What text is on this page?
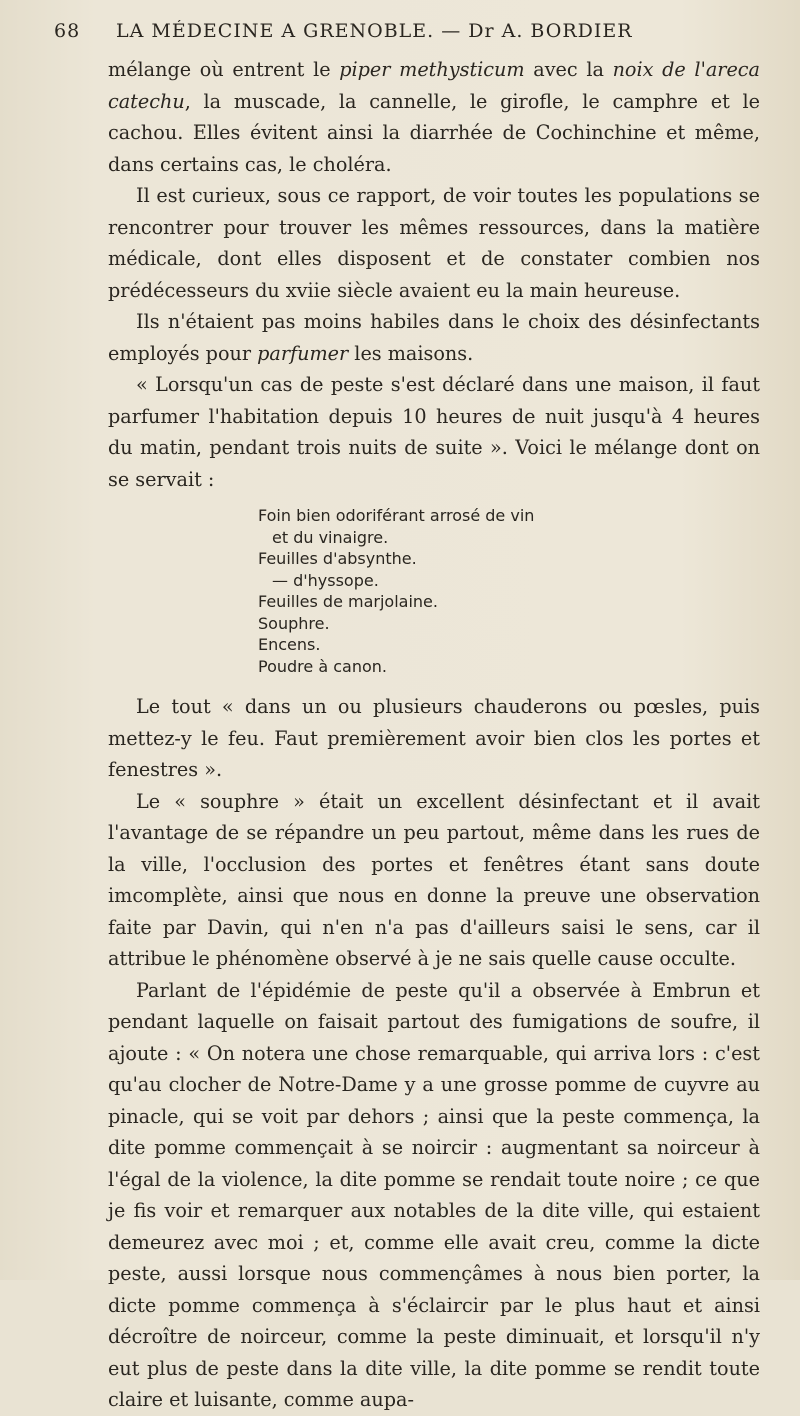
68 LA MÉDECINE A GRENOBLE. — Dr A. BORDIER

mélange où entrent le piper methysticum avec la noix de l'areca catechu, la muscade, la cannelle, le girofle, le camphre et le cachou. Elles évitent ainsi la diarrhée de Cochinchine et même, dans certains cas, le choléra.

Il est curieux, sous ce rapport, de voir toutes les populations se rencontrer pour trouver les mêmes ressources, dans la matière médicale, dont elles disposent et de constater combien nos prédécesseurs du xviie siècle avaient eu la main heureuse.

Ils n'étaient pas moins habiles dans le choix des désinfectants employés pour parfumer les maisons.

« Lorsqu'un cas de peste s'est déclaré dans une maison, il faut parfumer l'habitation depuis 10 heures de nuit jusqu'à 4 heures du matin, pendant trois nuits de suite ». Voici le mélange dont on se servait :

Foin bien odoriférant arrosé de vin
et du vinaigre.
Feuilles d'absynthe.
— d'hyssope.
Feuilles de marjolaine.
Souphre.
Encens.
Poudre à canon.

Le tout « dans un ou plusieurs chauderons ou pœsles, puis mettez-y le feu. Faut premièrement avoir bien clos les portes et fenestres ».

Le « souphre » était un excellent désinfectant et il avait l'avantage de se répandre un peu partout, même dans les rues de la ville, l'occlusion des portes et fenêtres étant sans doute imcomplète, ainsi que nous en donne la preuve une observation faite par Davin, qui n'en n'a pas d'ailleurs saisi le sens, car il attribue le phénomène observé à je ne sais quelle cause occulte.

Parlant de l'épidémie de peste qu'il a observée à Embrun et pendant laquelle on faisait partout des fumigations de soufre, il ajoute : « On notera une chose remarquable, qui arriva lors : c'est qu'au clocher de Notre-Dame y a une grosse pomme de cuyvre au pinacle, qui se voit par dehors ; ainsi que la peste commença, la dite pomme commençait à se noircir : augmentant sa noirceur à l'égal de la violence, la dite pomme se rendait toute noire ; ce que je fis voir et remarquer aux notables de la dite ville, qui estaient demeurez avec moi ; et, comme elle avait creu, comme la dicte peste, aussi lorsque nous commençâmes à nous bien porter, la dicte pomme commença à s'éclaircir par le plus haut et ainsi décroître de noirceur, comme la peste diminuait, et lorsqu'il n'y eut plus de peste dans la dite ville, la dite pomme se rendit toute claire et luisante, comme aupa-
